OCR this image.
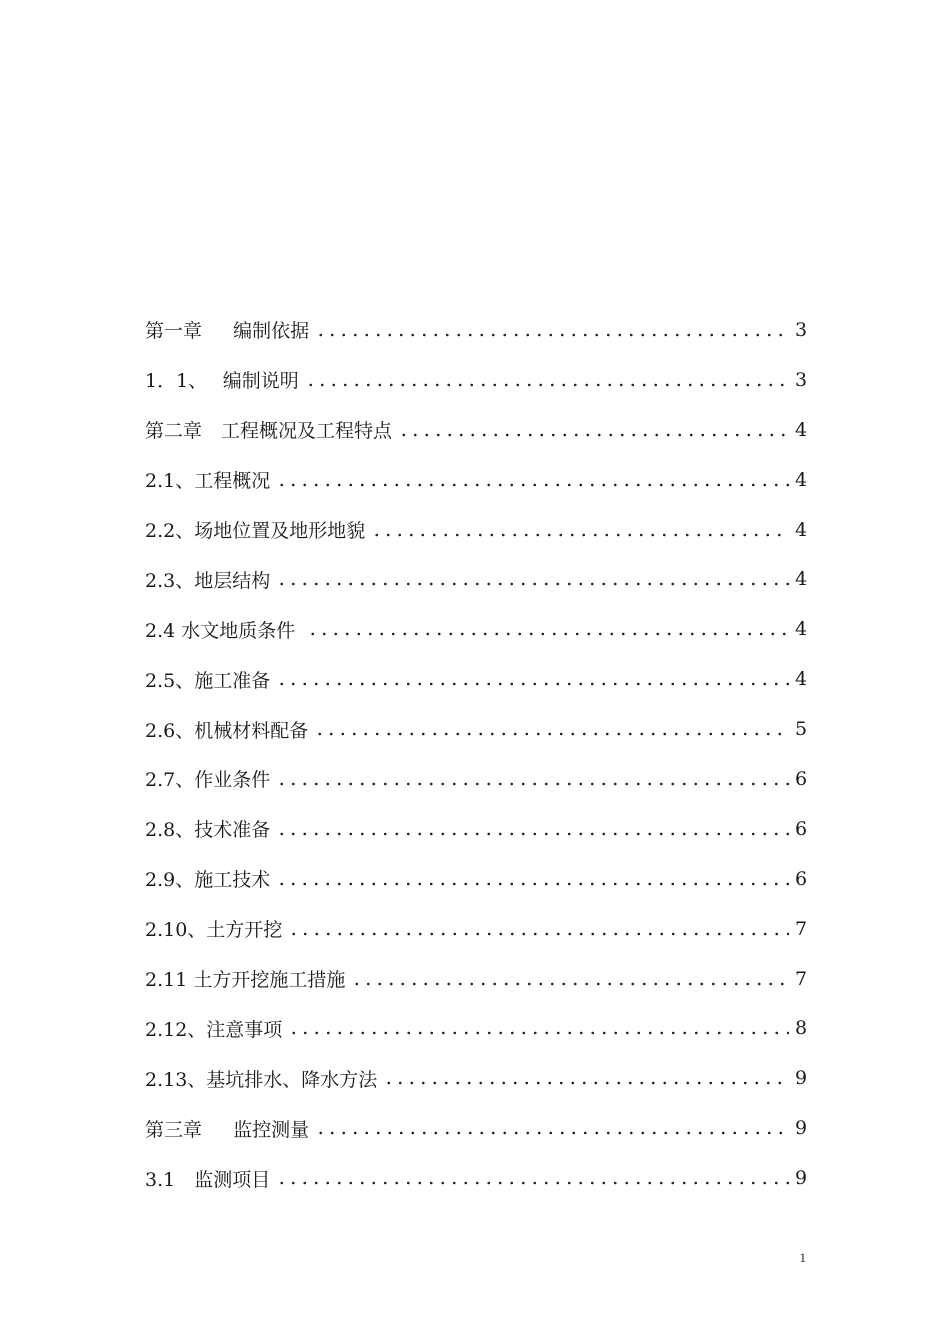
第一章　  编制依据	3
1．1、　 编制说明	3
第二章　工程概况及工程特点	4
2.1、工程概况	4
2.2、场地位置及地形地貌	4
2.3、地层结构	4
2.4 水文地质条件	4
2.5、施工准备	4
2.6、机械材料配备	5
2.7、作业条件	6
2.8、技术准备	6
2.9、施工技术	6
2.10、土方开挖	7
2.11 土方开挖施工措施	7
2.12、注意事项	8
2.13、基坑排水、降水方法	9
第三章　  监控测量	9
3.1　监测项目	9
1
